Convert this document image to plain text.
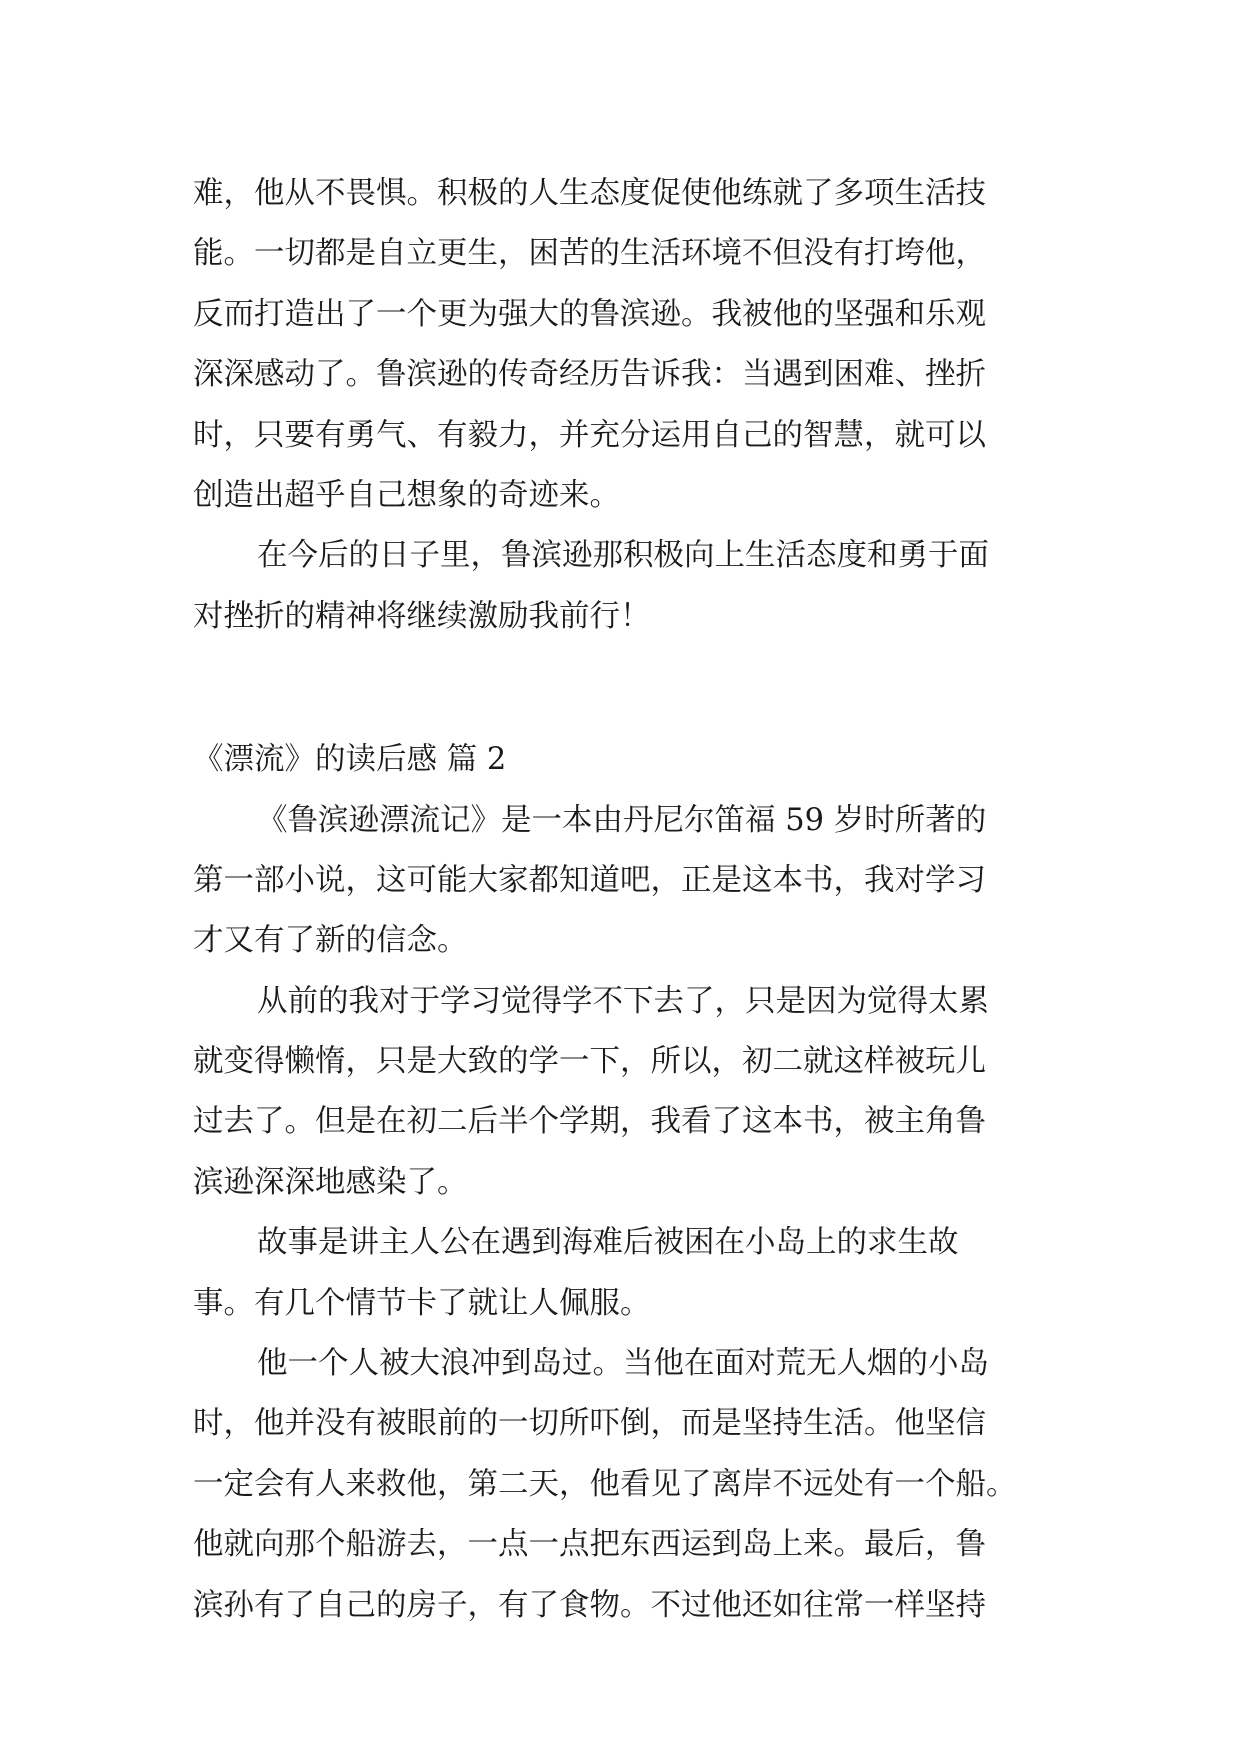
难，他从不畏惧。积极的人生态度促使他练就了多项生活技
能。一切都是自立更生，困苦的生活环境不但没有打垮他，
反而打造出了一个更为强大的鲁滨逊。我被他的坚强和乐观
深深感动了。鲁滨逊的传奇经历告诉我：当遇到困难、挫折
时，只要有勇气、有毅力，并充分运用自己的智慧，就可以
创造出超乎自己想象的奇迹来。
在今后的日子里，鲁滨逊那积极向上生活态度和勇于面
对挫折的精神将继续激励我前行！
《漂流》的读后感 篇 2
《鲁滨逊漂流记》是一本由丹尼尔笛福 59 岁时所著的
第一部小说，这可能大家都知道吧，正是这本书，我对学习
才又有了新的信念。
从前的我对于学习觉得学不下去了，只是因为觉得太累
就变得懒惰，只是大致的学一下，所以，初二就这样被玩儿
过去了。但是在初二后半个学期，我看了这本书，被主角鲁
滨逊深深地感染了。
故事是讲主人公在遇到海难后被困在小岛上的求生故
事。有几个情节卡了就让人佩服。
他一个人被大浪冲到岛过。当他在面对荒无人烟的小岛
时，他并没有被眼前的一切所吓倒，而是坚持生活。他坚信
一定会有人来救他，第二天，他看见了离岸不远处有一个船。
他就向那个船游去，一点一点把东西运到岛上来。最后，鲁
滨孙有了自己的房子，有了食物。不过他还如往常一样坚持
